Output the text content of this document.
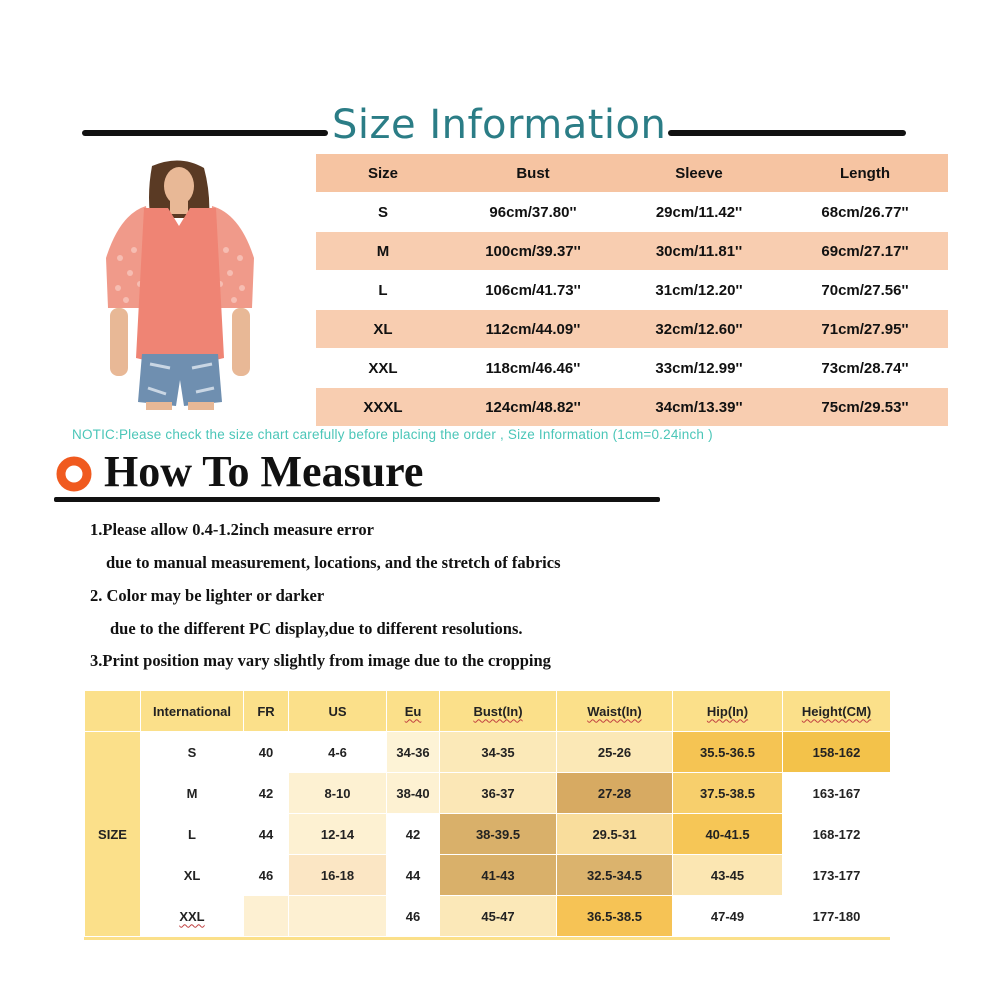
Size Information
Size	Bust	Sleeve	Length
S	96cm/37.80''	29cm/11.42''	68cm/26.77''
M	100cm/39.37''	30cm/11.81''	69cm/27.17''
L	106cm/41.73''	31cm/12.20''	70cm/27.56''
XL	112cm/44.09''	32cm/12.60''	71cm/27.95''
XXL	118cm/46.46''	33cm/12.99''	73cm/28.74''
XXXL	124cm/48.82''	34cm/13.39''	75cm/29.53''
NOTIC:Please check the size chart carefully before placing the order , Size Information (1cm=0.24inch )
How To Measure
1.Please allow 0.4-1.2inch measure error
due to manual measurement, locations, and the stretch of fabrics
2. Color may be lighter or darker
due to the different PC display,due to different resolutions.
3.Print position may vary slightly from image due to the cropping
	International	FR	US	Eu	Bust(In)	Waist(In)	Hip(In)	Height(CM)
SIZE	S	40	4-6	34-36	34-35	25-26	35.5-36.5	158-162
	M	42	8-10	38-40	36-37	27-28	37.5-38.5	163-167
	L	44	12-14	42	38-39.5	29.5-31	40-41.5	168-172
	XL	46	16-18	44	41-43	32.5-34.5	43-45	173-177
	XXL			46	45-47	36.5-38.5	47-49	177-180
